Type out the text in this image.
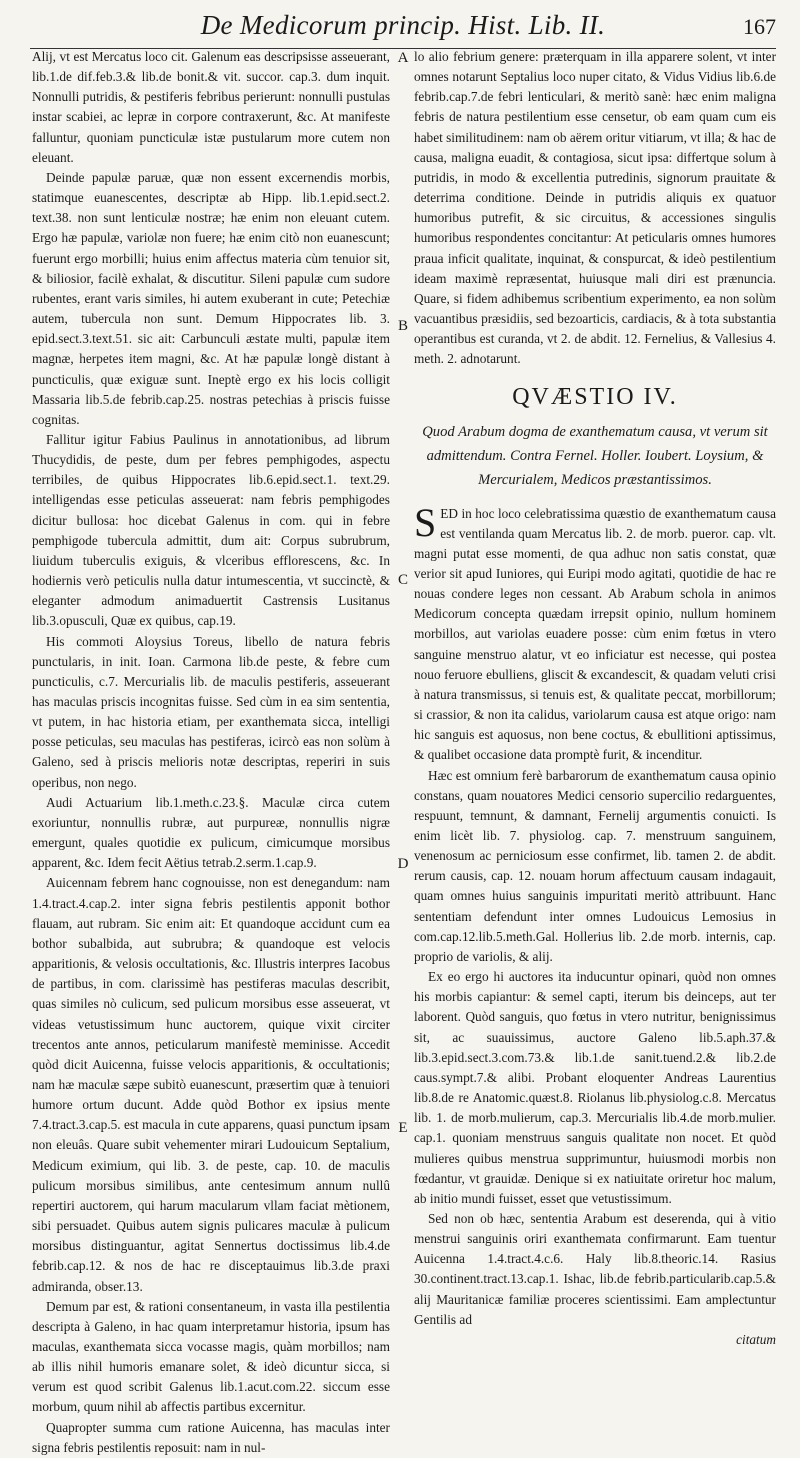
De Medicorum princip. Hist. Lib. II.	167
A
B
C
D
E

Alij, vt est Mercatus loco cit. Galenum eas descripsisse asseuerant, lib.1.de dif.feb.3.& lib.de bonit.& vit. succor. cap.3. dum inquit. Nonnulli putridis, & pestiferis febribus perierunt: nonnulli pustulas instar scabiei, ac lepræ in corpore contraxerunt, &c. At manifeste falluntur, quoniam puncticulæ istæ pustularum more cutem non eleuant.

Deinde papulæ paruæ, quæ non essent excernendis morbis, statimque euanescentes, descriptæ ab Hipp. lib.1.epid.sect.2. text.38. non sunt lenticulæ nostræ; hæ enim non eleuant cutem. Ergo hæ papulæ, variolæ non fuere; hæ enim citò non euanescunt; fuerunt ergo morbilli; huius enim affectus materia cùm tenuior sit, & biliosior, facilè exhalat, & discutitur. Sileni papulæ cum sudore rubentes, erant varis similes, hi autem exuberant in cute; Petechiæ autem, tubercula non sunt. Demum Hippocrates lib. 3. epid.sect.3.text.51. sic ait: Carbunculi æstate multi, papulæ item magnæ, herpetes item magni, &c. At hæ papulæ longè distant à puncticulis, quæ exiguæ sunt. Ineptè ergo ex his locis colligit Massaria lib.5.de febrib.cap.25. nostras petechias à priscis fuisse cognitas.

Fallitur igitur Fabius Paulinus in annotationibus, ad librum Thucydidis, de peste, dum per febres pemphigodes, aspectu terribiles, de quibus Hippocrates lib.6.epid.sect.1. text.29. intelligendas esse peticulas asseuerat: nam febris pemphigodes dicitur bullosa: hoc dicebat Galenus in com. qui in febre pemphigode tubercula admittit, dum ait: Corpus subrubrum, liuidum tuberculis exiguis, & vlceribus efflorescens, &c. In hodiernis verò peticulis nulla datur intumescentia, vt succinctè, & eleganter admodum animaduertit Castrensis Lusitanus lib.3.opusculi, Quæ ex quibus, cap.19.

His commoti Aloysius Toreus, libello de natura febris punctularis, in init. Ioan. Carmona lib.de peste, & febre cum puncticulis, c.7. Mercurialis lib. de maculis pestiferis, asseuerant has maculas priscis incognitas fuisse. Sed cùm in ea sim sententia, vt putem, in hac historia etiam, per exanthemata sicca, intelligi posse peticulas, seu maculas has pestiferas, icircò eas non solùm à Galeno, sed à priscis melioris notæ descriptas, reperiri in suis operibus, non nego.

Audi Actuarium lib.1.meth.c.23.§. Maculæ circa cutem exoriuntur, nonnullis rubræ, aut purpureæ, nonnullis nigræ emergunt, quales quotidie ex pulicum, cimicumque morsibus apparent, &c. Idem fecit Aëtius tetrab.2.serm.1.cap.9.

Auicennam febrem hanc cognouisse, non est denegandum: nam 1.4.tract.4.cap.2. inter signa febris pestilentis apponit bothor flauam, aut rubram. Sic enim ait: Et quandoque accidunt cum ea bothor subalbida, aut subrubra; & quandoque est velocis apparitionis, & velosis occultationis, &c. Illustris interpres Iacobus de partibus, in com. clarissimè has pestiferas maculas describit, quas similes nò culicum, sed pulicum morsibus esse asseuerat, vt videas vetustissimum hunc auctorem, quique vixit circiter trecentos ante annos, peticularum manifestè meminisse. Accedit quòd dicit Auicenna, fuisse velocis apparitionis, & occultationis; nam hæ maculæ sæpe subitò euanescunt, præsertim quæ à tenuiori humore ortum ducunt. Adde quòd Bothor ex ipsius mente 7.4.tract.3.cap.5. est macula in cute apparens, quasi punctum ipsam non eleuâs. Quare subit vehementer mirari Ludouicum Septalium, Medicum eximium, qui lib. 3. de peste, cap. 10. de maculis pulicum morsibus similibus, ante centesimum annum nullû repertiri auctorem, qui harum macularum vllam faciat mètionem, sibi persuadet. Quibus autem signis pulicares maculæ à pulicum morsibus distinguantur, agitat Sennertus doctissimus lib.4.de febrib.cap.12. & nos de hac re disceptauimus lib.3.de praxi admiranda, obser.13.

Demum par est, & rationi consentaneum, in vasta illa pestilentia descripta à Galeno, in hac quam interpretamur historia, ipsum has maculas, exanthemata sicca vocasse magis, quàm morbillos; nam ab illis nihil humoris emanare solet, & ideò dicuntur sicca, si verum est quod scribit Galenus lib.1.acut.com.22. siccum esse morbum, quum nihil ab affectis partibus excernitur.

Quapropter summa cum ratione Auicenna, has maculas inter signa febris pestilentis reposuit: nam in nul-

lo alio febrium genere: præterquam in illa apparere solent, vt inter omnes notarunt Septalius loco nuper citato, & Vidus Vidius lib.6.de febrib.cap.7.de febri lenticulari, & meritò sanè: hæc enim maligna febris de natura pestilentium esse censetur, ob eam quam cum eis habet similitudinem: nam ob aërem oritur vitiarum, vt illa; & hac de causa, maligna euadit, & contagiosa, sicut ipsa: differtque solum à putridis, in modo & excellentia putredinis, signorum prauitate & deterrima conditione. Deinde in putridis aliquis ex quatuor humoribus putrefit, & sic circuitus, & accessiones singulis humoribus respondentes concitantur: At peticularis omnes humores praua inficit qualitate, inquinat, & conspurcat, & ideò pestilentium ideam maximè repræsentat, huiusque mali diri est prænuncia. Quare, si fidem adhibemus scribentium experimento, ea non solùm vacuantibus præsidiis, sed bezoarticis, cardiacis, & à tota substantia operantibus est curanda, vt 2. de abdit. 12. Fernelius, & Vallesius 4. meth. 2. adnotarunt.

QVÆSTIO IV.
Quod Arabum dogma de exanthematum causa, vt verum sit admittendum. Contra Fernel. Holler. Ioubert. Loysium, & Mercurialem, Medicos præstantissimos.

SED in hoc loco celebratissima quæstio de exanthematum causa est ventilanda quam Mercatus lib. 2. de morb. pueror. cap. vlt. magni putat esse momenti, de qua adhuc non satis constat, quæ verior sit apud Iuniores, qui Euripi modo agitati, quotidie de hac re nouas condere leges non cessant. Ab Arabum schola in animos Medicorum concepta quædam irrepsit opinio, nullum hominem morbillos, aut variolas euadere posse: cùm enim fœtus in vtero sanguine menstruo alatur, vt eo inficiatur est necesse, qui postea nouo feruore ebulliens, gliscit & excandescit, & quadam veluti crisi à natura transmissus, si tenuis est, & qualitate peccat, morbillorum; si crassior, & non ita calidus, variolarum causa est atque origo: nam hic sanguis est aquosus, non bene coctus, & ebullitioni aptissimus, & qualibet occasione data promptè furit, & incenditur.

Hæc est omnium ferè barbarorum de exanthematum causa opinio constans, quam nouatores Medici censorio supercilio redarguentes, respuunt, temnunt, & damnant, Fernelij argumentis conuicti. Is enim licèt lib. 7. physiolog. cap. 7. menstruum sanguinem, venenosum ac perniciosum esse confirmet, lib. tamen 2. de abdit. rerum causis, cap. 12. nouam horum affectuum causam indagauit, quam omnes huius sanguinis impuritati meritò attribuunt. Hanc sententiam defendunt inter omnes Ludouicus Lemosius in com.cap.12.lib.5.meth.Gal. Hollerius lib. 2.de morb. internis, cap. proprio de variolis, & alij.

Ex eo ergo hi auctores ita inducuntur opinari, quòd non omnes his morbis capiantur: & semel capti, iterum bis deinceps, aut ter laborent. Quòd sanguis, quo fœtus in vtero nutritur, benignissimus sit, ac suauissimus, auctore Galeno lib.5.aph.37.& lib.3.epid.sect.3.com.73.& lib.1.de sanit.tuend.2.& lib.2.de caus.sympt.7.& alibi. Probant eloquenter Andreas Laurentius lib.8.de re Anatomic.quæst.8. Riolanus lib.physiolog.c.8. Mercatus lib. 1. de morb.mulierum, cap.3. Mercurialis lib.4.de morb.mulier. cap.1. quoniam menstruus sanguis qualitate non nocet. Et quòd mulieres quibus menstrua supprimuntur, huiusmodi morbis non fœdantur, vt grauidæ. Denique si ex natiuitate oriretur hoc malum, ab initio mundi fuisset, esset que vetustissimum.

Sed non ob hæc, sententia Arabum est deserenda, qui à vitio menstrui sanguinis oriri exanthemata confirmarunt. Eam tuentur Auicenna 1.4.tract.4.c.6. Haly lib.8.theoric.14. Rasius 30.continent.tract.13.cap.1. Ishac, lib.de febrib.particularib.cap.5.& alij Mauritanicæ familiæ proceres scientissimi. Eam amplectuntur Gentilis ad

citatum
